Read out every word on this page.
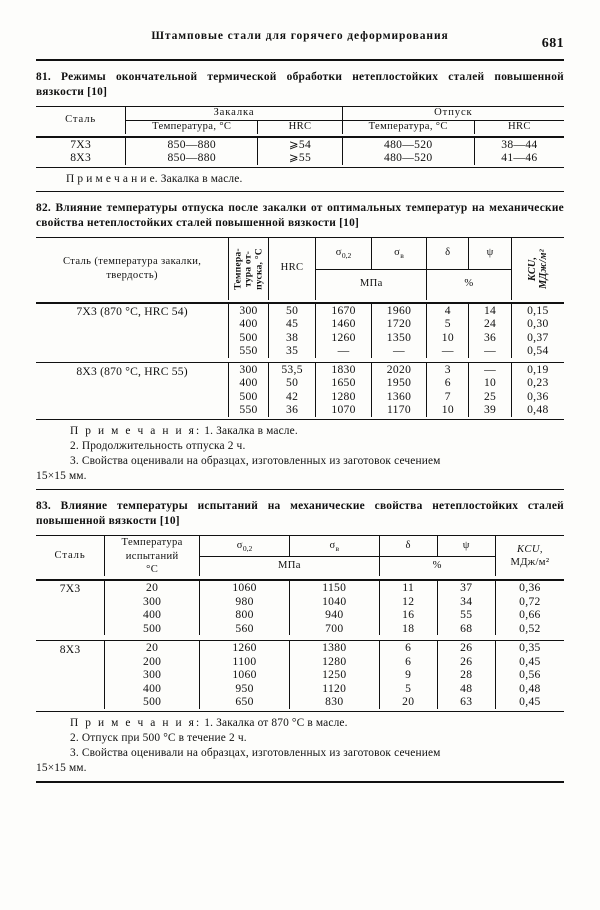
Штамповые стали для горячего деформирования	681
81. Режимы окончательной термической обработки нетеплостойких сталей повышенной вязкости [10]
Сталь	Закалка		Отпуск	
	Температура, °C	HRC	Температура, °C	HRC

7Х3	850—880	⩾54	480—520	38—44
8Х3	850—880	⩾55	480—520	41—46

П р и м е ч а н и е. Закалка в масле.

82. Влияние температуры отпуска после закалки от оптимальных температур на механические свойства нетеплостойких сталей повышенной вязкости [10]
Сталь (температура закалки, твердость)	Темпера-
тура от-
пуска, °C	HRC	$\sigma_{0,2}$	$\sigma_в$	δ	ψ	KCU,
МДж/м²

			МПа		%		

7Х3 (870 °C, HRC 54)	300	50	1670	1960	4	14	0,15
	400	45	1460	1720	5	24	0,30
	500	38	1260	1350	10	36	0,37
	550	35	—	—	—	—	0,54

8Х3 (870 °C, HRC 55)	300	53,5	1830	2020	3	—	0,19
	400	50	1650	1950	6	10	0,23
	500	42	1280	1360	7	25	0,36
	550	36	1070	1170	10	39	0,48

П р и м е ч а н и я: 1. Закалка в масле.

2. Продолжительность отпуска 2 ч.

3. Свойства оценивали на образцах, изготовленных из заготовок сечением

15×15 мм.

83. Влияние температуры испытаний на механические свойства нетеплостойких сталей повышенной вязкости [10]
Сталь	Температура
испытаний
°C	$\sigma_{0,2}$	$\sigma_в$	δ	ψ	KCU,
МДж/м²
		МПа		%		

7Х3	20	1060	1150	11	37	0,36
	300	980	1040	12	34	0,72
	400	800	940	16	55	0,66
	500	560	700	18	68	0,52

8Х3	20	1260	1380	6	26	0,35
	200	1100	1280	6	26	0,45
	300	1060	1250	9	28	0,56
	400	950	1120	5	48	0,48
	500	650	830	20	63	0,45

П р и м е ч а н и я: 1. Закалка от 870 °C в масле.

2. Отпуск при 500 °C в течение 2 ч.

3. Свойства оценивали на образцах, изготовленных из заготовок сечением

15×15 мм.
